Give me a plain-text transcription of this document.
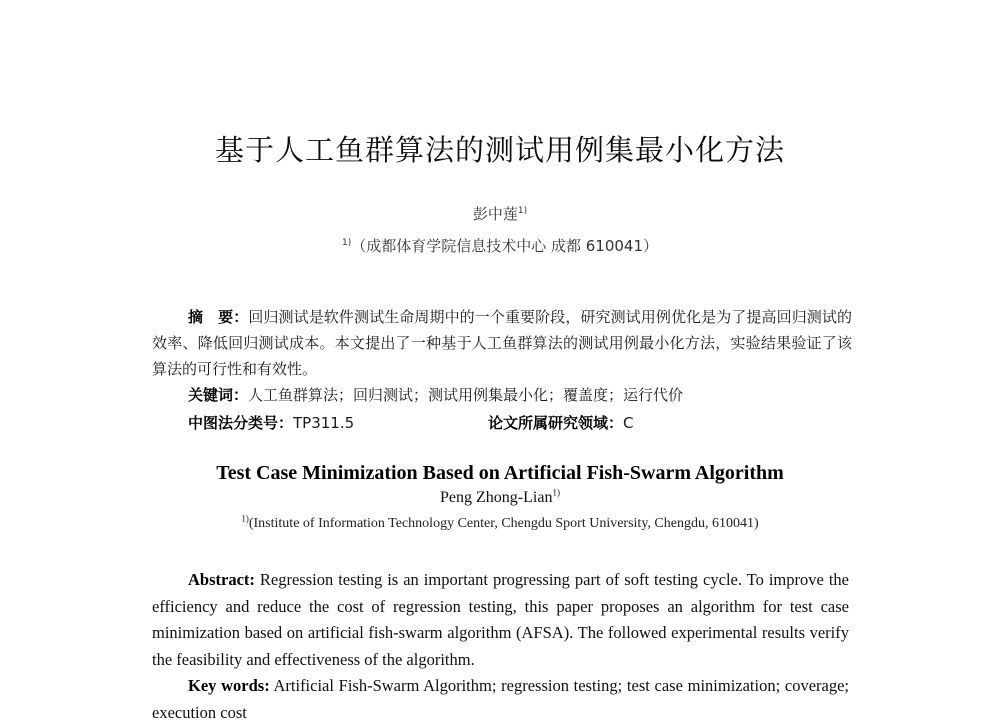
基于人工鱼群算法的测试用例集最小化方法
彭中莲$^{1)}$
$^{1)}$（成都体育学院信息技术中心 成都 610041）
摘　要：回归测试是软件测试生命周期中的一个重要阶段，研究测试用例优化是为了提高回归测试的效率、降低回归测试成本。本文提出了一种基于人工鱼群算法的测试用例最小化方法，实验结果验证了该算法的可行性和有效性。
关键词：人工鱼群算法；回归测试；测试用例集最小化；覆盖度；运行代价
中图法分类号：TP311.5	论文所属研究领域：C
Test Case Minimization Based on Artificial Fish-Swarm Algorithm
Peng Zhong-Lian$^{1)}$
$^{1)}$(Institute of Information Technology Center, Chengdu Sport University, Chengdu, 610041)
Abstract: Regression testing is an important progressing part of soft testing cycle. To improve the efficiency and reduce the cost of regression testing, this paper proposes an algorithm for test case minimization based on artificial fish-swarm algorithm (AFSA). The followed experimental results verify the feasibility and effectiveness of the algorithm.
Key words: Artificial Fish-Swarm Algorithm; regression testing; test case minimization; coverage; execution cost
